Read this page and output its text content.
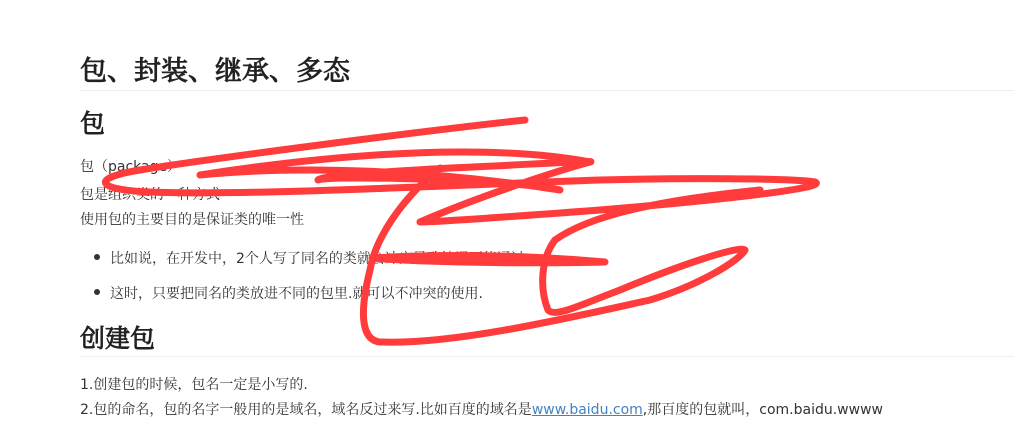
包、封装、继承、多态
包
包（package）
包是组织类的一种方式
使用包的主要目的是保证类的唯一性
比如说，在开发中，2个人写了同名的类就会冲突导致编译不能通过
这时，只要把同名的类放进不同的包里.就可以不冲突的使用.
创建包
1.创建包的时候，包名一定是小写的.
2.包的命名，包的名字一般用的是域名，域名反过来写.比如百度的域名是www.baidu.com,那百度的包就叫，com.baidu.wwww
